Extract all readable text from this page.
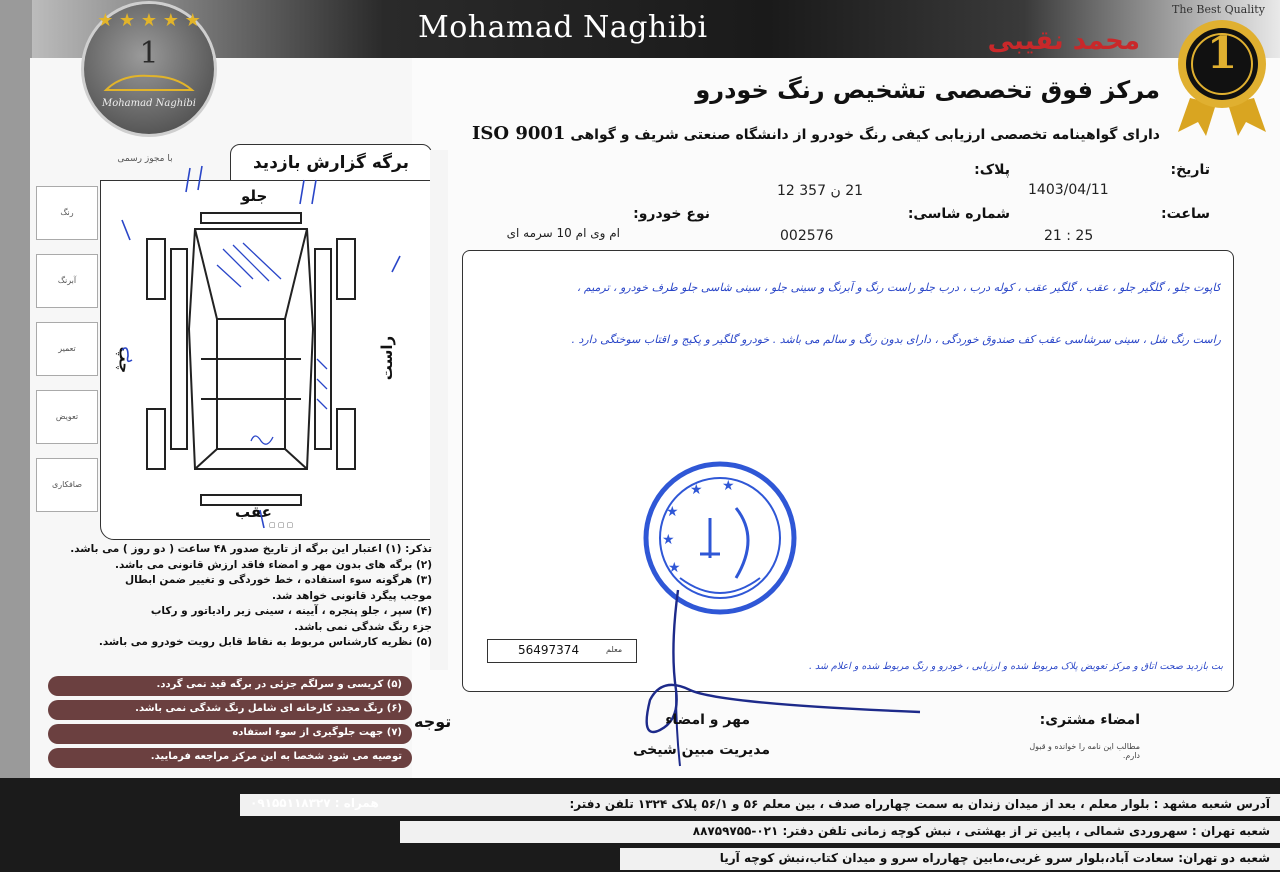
★ ★ ★ ★ ★
1
Mohamad Naghibi
با مجوز رسمی
Mohamad Naghibi	محمد نقیبی
مرکز فوق تخصصی تشخیص رنگ خودرو
دارای گواهینامه تخصصی ارزیابی کیفی رنگ خودرو از دانشگاه صنعتی شریف و گواهی ISO 9001
The Best Quality
1
برگه گزارش بازدید
رنگ
آبرنگ
تعمیر
تعویض
صافکاری
جلو
عقب
راست
چپ
▢ ▢ ▢
تاریخ:
1403/04/11
پلاک:
21 ن 357 12
ساعت:
21 : 25
شماره شاسی:
002576
نوع خودرو:
ام وی ام 10 سرمه ای
کاپوت جلو ، گلگیر جلو ، عقب ، گلگیر عقب ، کوله درب ، درب جلو راست رنگ و آبرنگ و سینی جلو ، سینی شاسی جلو طرف خودرو ، ترمیم ،
راست رنگ شل ، سینی سرشاسی عقب کف صندوق خوردگی ، دارای بدون رنگ و سالم می باشد . خودرو گلگیر و پکیج و اقتاب سوختگی دارد .
بت بازدید صحت اتاق و مرکز تعویض پلاک مربوط شده و ارزیابی ، خودرو و رنگ مربوط شده و اعلام شد .
56497374	معلم
★
★
★
★ ★
تذکر: (۱) اعتبار این برگه از تاریخ صدور ۴۸ ساعت ( دو روز ) می باشد.
(۲) برگه های بدون مهر و امضاء فاقد ارزش قانونی می باشد.
(۳) هرگونه سوء استفاده ، خط خوردگی و تغییر ضمن ابطال
موجب پیگرد قانونی خواهد شد.
(۴) سپر ، جلو پنجره ، آیینه ، سینی زیر رادیاتور و رکاب
جزء رنگ شدگی نمی باشد.
(۵) نظریه کارشناس مربوط به نقاط قابل رویت خودرو می باشد.
(۵) کریسی و سرلگم جزئی در برگه قید نمی گردد.
(۶) رنگ مجدد کارخانه ای شامل رنگ شدگی نمی باشد.
(۷) جهت جلوگیری از سوء استفاده
توصیه می شود شخصا به این مرکز مراجعه فرمایید.
توجه	مهر و امضاء
مدیریت مبین شیخی
امضاء مشتری:
مطالب این نامه را خوانده و قبول دارم.
آدرس شعبه مشهد : بلوار معلم ، بعد از میدان زندان به سمت چهارراه صدف ، بین معلم ۵۶ و ۵۶/۱ پلاک ۱۳۲۴ تلفن دفتر:
همراه : ۰۹۱۵۵۱۱۸۳۲۷
شعبه تهران : سهروردی شمالی ، پایین تر از بهشتی ، نبش کوچه زمانی تلفن دفتر: ۰۲۱-۸۸۷۵۹۷۵۵
شعبه دو تهران: سعادت آباد،بلوار سرو غربی،مابین چهارراه سرو و میدان کتاب،نبش کوچه آریا
